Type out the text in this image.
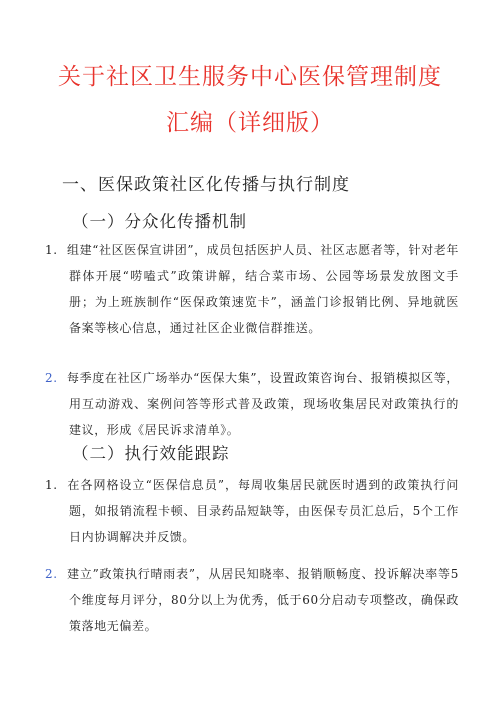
关于社区卫生服务中心医保管理制度
汇编（详细版）
一、医保政策社区化传播与执行制度
（一）分众化传播机制
1. 组建“社区医保宣讲团”，成员包括医护人员、社区志愿者等，针对老年群体开展“唠嗑式”政策讲解，结合菜市场、公园等场景发放图文手册；为上班族制作“医保政策速览卡”，涵盖门诊报销比例、异地就医备案等核心信息，通过社区企业微信群推送。
2. 每季度在社区广场举办“医保大集”，设置政策咨询台、报销模拟区等，用互动游戏、案例问答等形式普及政策，现场收集居民对政策执行的建议，形成《居民诉求清单》。
（二）执行效能跟踪
1. 在各网格设立“医保信息员”，每周收集居民就医时遇到的政策执行问题，如报销流程卡顿、目录药品短缺等，由医保专员汇总后，5个工作日内协调解决并反馈。
2. 建立”政策执行晴雨表”，从居民知晓率、报销顺畅度、投诉解决率等5个维度每月评分，80分以上为优秀，低于60分启动专项整改，确保政策落地无偏差。
